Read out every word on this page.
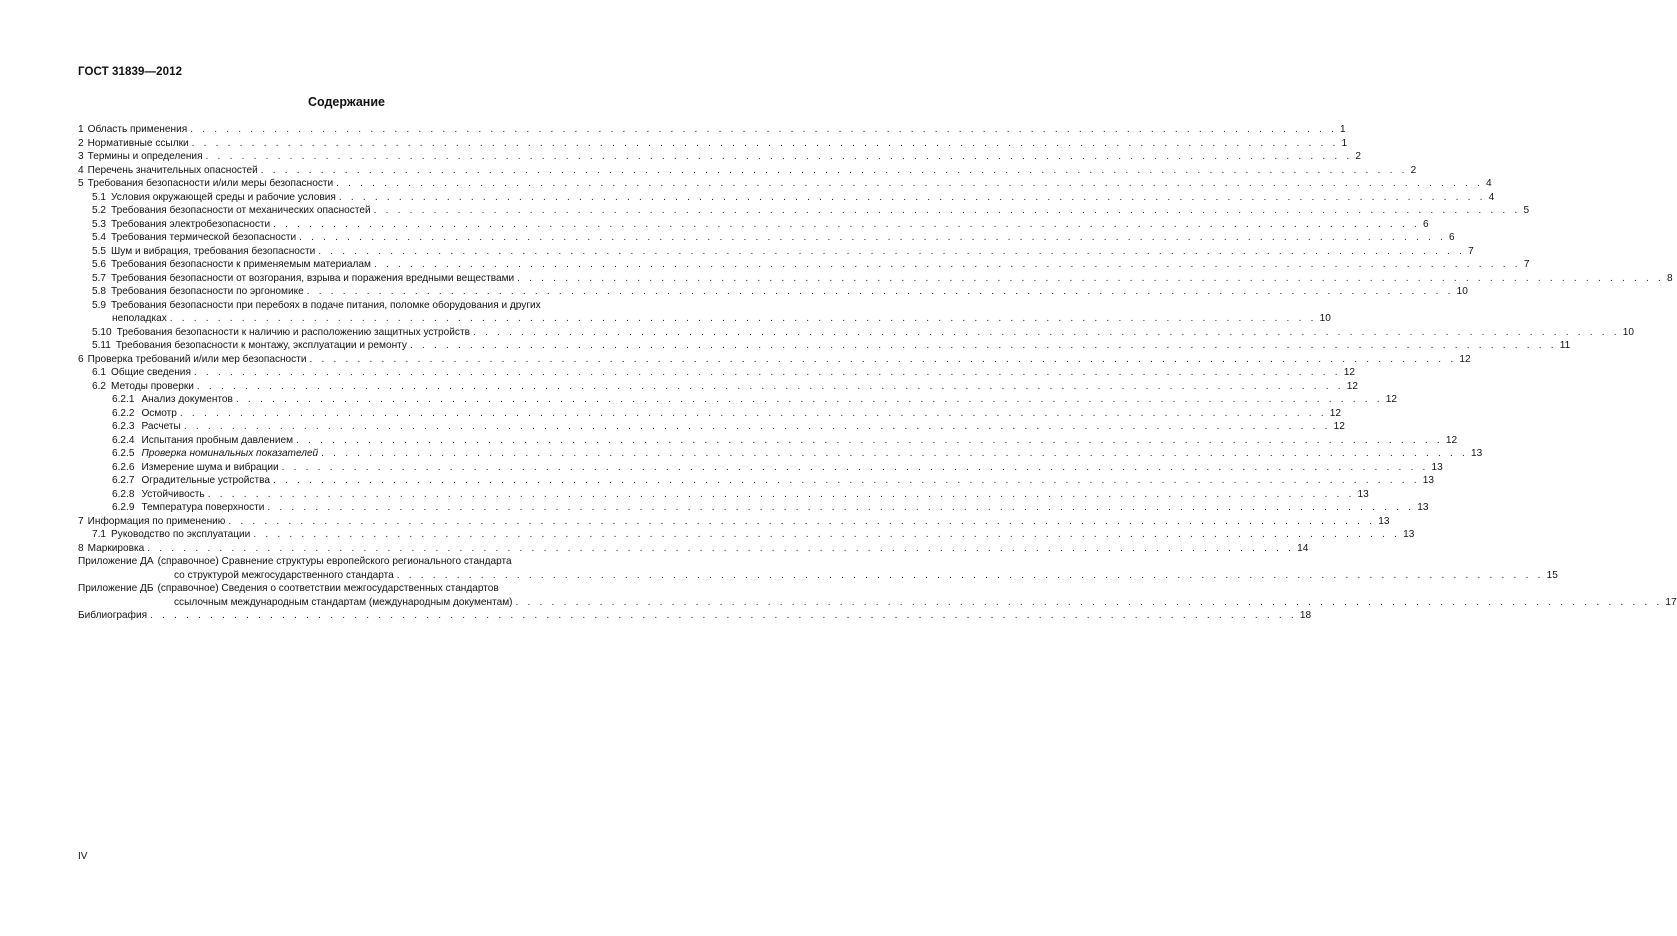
ГОСТ 31839—2012
Содержание
1 Область применения . . . . . . . . . . . . . . . . . . . . . . . . . . . . . . . . . . . . . . . . . . . . . . . . . . . . . . . . . . . . . . . . . . . . . . . . . . . . . . . . . . . . . . . . . . . . . . . . 1
2 Нормативные ссылки . . . . . . . . . . . . . . . . . . . . . . . . . . . . . . . . . . . . . . . . . . . . . . . . . . . . . . . . . . . . . . . . . . . . . . . . . . . . . . . . . . . . . . . . . . . . . . . . 1
3 Термины и определения . . . . . . . . . . . . . . . . . . . . . . . . . . . . . . . . . . . . . . . . . . . . . . . . . . . . . . . . . . . . . . . . . . . . . . . . . . . . . . . . . . . . . . . . . . . . . . . . 2
4 Перечень значительных опасностей . . . . . . . . . . . . . . . . . . . . . . . . . . . . . . . . . . . . . . . . . . . . . . . . . . . . . . . . . . . . . . . . . . . . . . . . . . . . . . . . . . . . . . . . . . . . . . . . 2
5 Требования безопасности и/или меры безопасности . . . . . . . . . . . . . . . . . . . . . . . . . . . . . . . . . . . . . . . . . . . . . . . . . . . . . . . . . . . . . . . . . . . . . . . . . . . . . . . . . . . . . . . . . . . . . . . . 4
5.1 Условия окружающей среды и рабочие условия . . . . . . . . . . . . . . . . . . . . . . . . . . . . . . . . . . . . . . . . . . . . . . . . . . . . . . . . . . . . . . . . . . . . . . . . . . . . . . . . . . . . . . . . . . . . . . . . 4
5.2 Требования безопасности от механических опасностей . . . . . . . . . . . . . . . . . . . . . . . . . . . . . . . . . . . . . . . . . . . . . . . . . . . . . . . . . . . . . . . . . . . . . . . . . . . . . . . . . . . . . . . . . . . . . . . . 5
5.3 Требования электробезопасности . . . . . . . . . . . . . . . . . . . . . . . . . . . . . . . . . . . . . . . . . . . . . . . . . . . . . . . . . . . . . . . . . . . . . . . . . . . . . . . . . . . . . . . . . . . . . . . . 6
5.4 Требования термической безопасности . . . . . . . . . . . . . . . . . . . . . . . . . . . . . . . . . . . . . . . . . . . . . . . . . . . . . . . . . . . . . . . . . . . . . . . . . . . . . . . . . . . . . . . . . . . . . . . . 6
5.5 Шум и вибрация, требования безопасности . . . . . . . . . . . . . . . . . . . . . . . . . . . . . . . . . . . . . . . . . . . . . . . . . . . . . . . . . . . . . . . . . . . . . . . . . . . . . . . . . . . . . . . . . . . . . . . . 7
5.6 Требования безопасности к применяемым материалам . . . . . . . . . . . . . . . . . . . . . . . . . . . . . . . . . . . . . . . . . . . . . . . . . . . . . . . . . . . . . . . . . . . . . . . . . . . . . . . . . . . . . . . . . . . . . . . . 7
5.7 Требования безопасности от возгорания, взрыва и поражения вредными веществами . . . . . . . . . . . . . . . . . . . . . . . . . . . . . . . . . . . . . . . . . . . . . . . . . . . . . . . . . . . . . . . . . . . . . . . . . . . . . . . . . . . . . . . . . . . . . . . . 8
5.8 Требования безопасности по эргономике . . . . . . . . . . . . . . . . . . . . . . . . . . . . . . . . . . . . . . . . . . . . . . . . . . . . . . . . . . . . . . . . . . . . . . . . . . . . . . . . . . . . . . . . . . . . . . . . 10
5.9 Требования безопасности при перебоях в подаче питания, поломке оборудования и других
неполадках . . . . . . . . . . . . . . . . . . . . . . . . . . . . . . . . . . . . . . . . . . . . . . . . . . . . . . . . . . . . . . . . . . . . . . . . . . . . . . . . . . . . . . . . . . . . . . . . 10
5.10 Требования безопасности к наличию и расположению защитных устройств . . . . . . . . . . . . . . . . . . . . . . . . . . . . . . . . . . . . . . . . . . . . . . . . . . . . . . . . . . . . . . . . . . . . . . . . . . . . . . . . . . . . . . . . . . . . . . . . 10
5.11 Требования безопасности к монтажу, эксплуатации и ремонту . . . . . . . . . . . . . . . . . . . . . . . . . . . . . . . . . . . . . . . . . . . . . . . . . . . . . . . . . . . . . . . . . . . . . . . . . . . . . . . . . . . . . . . . . . . . . . . . 11
6 Проверка требований и/или мер безопасности . . . . . . . . . . . . . . . . . . . . . . . . . . . . . . . . . . . . . . . . . . . . . . . . . . . . . . . . . . . . . . . . . . . . . . . . . . . . . . . . . . . . . . . . . . . . . . . . 12
6.1 Общие сведения . . . . . . . . . . . . . . . . . . . . . . . . . . . . . . . . . . . . . . . . . . . . . . . . . . . . . . . . . . . . . . . . . . . . . . . . . . . . . . . . . . . . . . . . . . . . . . . . 12
6.2 Методы проверки . . . . . . . . . . . . . . . . . . . . . . . . . . . . . . . . . . . . . . . . . . . . . . . . . . . . . . . . . . . . . . . . . . . . . . . . . . . . . . . . . . . . . . . . . . . . . . . . 12
6.2.1 Анализ документов . . . . . . . . . . . . . . . . . . . . . . . . . . . . . . . . . . . . . . . . . . . . . . . . . . . . . . . . . . . . . . . . . . . . . . . . . . . . . . . . . . . . . . . . . . . . . . . . 12
6.2.2 Осмотр . . . . . . . . . . . . . . . . . . . . . . . . . . . . . . . . . . . . . . . . . . . . . . . . . . . . . . . . . . . . . . . . . . . . . . . . . . . . . . . . . . . . . . . . . . . . . . . . 12
6.2.3 Расчеты . . . . . . . . . . . . . . . . . . . . . . . . . . . . . . . . . . . . . . . . . . . . . . . . . . . . . . . . . . . . . . . . . . . . . . . . . . . . . . . . . . . . . . . . . . . . . . . . 12
6.2.4 Испытания пробным давлением . . . . . . . . . . . . . . . . . . . . . . . . . . . . . . . . . . . . . . . . . . . . . . . . . . . . . . . . . . . . . . . . . . . . . . . . . . . . . . . . . . . . . . . . . . . . . . . . 12
6.2.5 Проверка номинальных показателей . . . . . . . . . . . . . . . . . . . . . . . . . . . . . . . . . . . . . . . . . . . . . . . . . . . . . . . . . . . . . . . . . . . . . . . . . . . . . . . . . . . . . . . . . . . . . . . . 13
6.2.6 Измерение шума и вибрации . . . . . . . . . . . . . . . . . . . . . . . . . . . . . . . . . . . . . . . . . . . . . . . . . . . . . . . . . . . . . . . . . . . . . . . . . . . . . . . . . . . . . . . . . . . . . . . . 13
6.2.7 Оградительные устройства . . . . . . . . . . . . . . . . . . . . . . . . . . . . . . . . . . . . . . . . . . . . . . . . . . . . . . . . . . . . . . . . . . . . . . . . . . . . . . . . . . . . . . . . . . . . . . . . 13
6.2.8 Устойчивость . . . . . . . . . . . . . . . . . . . . . . . . . . . . . . . . . . . . . . . . . . . . . . . . . . . . . . . . . . . . . . . . . . . . . . . . . . . . . . . . . . . . . . . . . . . . . . . . 13
6.2.9 Температура поверхности . . . . . . . . . . . . . . . . . . . . . . . . . . . . . . . . . . . . . . . . . . . . . . . . . . . . . . . . . . . . . . . . . . . . . . . . . . . . . . . . . . . . . . . . . . . . . . . . 13
7 Информация по применению . . . . . . . . . . . . . . . . . . . . . . . . . . . . . . . . . . . . . . . . . . . . . . . . . . . . . . . . . . . . . . . . . . . . . . . . . . . . . . . . . . . . . . . . . . . . . . . . 13
7.1 Руководство по эксплуатации . . . . . . . . . . . . . . . . . . . . . . . . . . . . . . . . . . . . . . . . . . . . . . . . . . . . . . . . . . . . . . . . . . . . . . . . . . . . . . . . . . . . . . . . . . . . . . . . 13
8 Маркировка . . . . . . . . . . . . . . . . . . . . . . . . . . . . . . . . . . . . . . . . . . . . . . . . . . . . . . . . . . . . . . . . . . . . . . . . . . . . . . . . . . . . . . . . . . . . . . . . 14
Приложение ДА (справочное) Сравнение структуры европейского регионального стандарта
со структурой межгосударственного стандарта . . . . . . . . . . . . . . . . . . . . . . . . . . . . . . . . . . . . . . . . . . . . . . . . . . . . . . . . . . . . . . . . . . . . . . . . . . . . . . . . . . . . . . . . . . . . . . . . 15
Приложение ДБ (справочное) Сведения о соответствии межгосударственных стандартов
ссылочным международным стандартам (международным документам) . . . . . . . . . . . . . . . . . . . . . . . . . . . . . . . . . . . . . . . . . . . . . . . . . . . . . . . . . . . . . . . . . . . . . . . . . . . . . . . . . . . . . . . . . . . . . . . . 17
Библиография . . . . . . . . . . . . . . . . . . . . . . . . . . . . . . . . . . . . . . . . . . . . . . . . . . . . . . . . . . . . . . . . . . . . . . . . . . . . . . . . . . . . . . . . . . . . . . . . 18
IV
